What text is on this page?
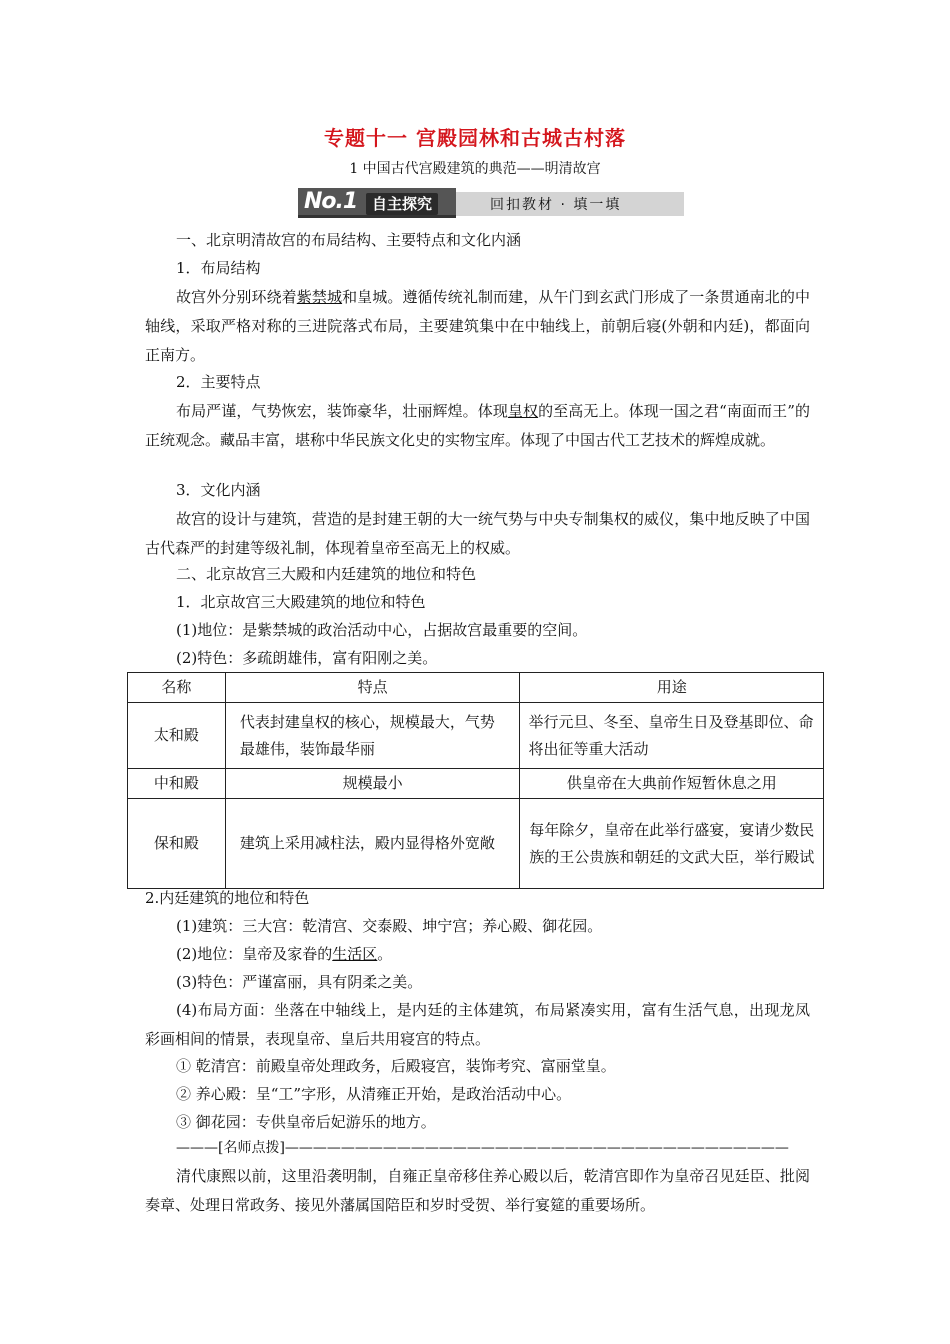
专题十一 宫殿园林和古城古村落
1 中国古代宫殿建筑的典范——明清故宫
No.1 自主探究	回扣教材 · 填一填
一、北京明清故宫的布局结构、主要特点和文化内涵
1．布局结构
故宫外分别环绕着紫禁城和皇城。遵循传统礼制而建，从午门到玄武门形成了一条贯通南北的中轴线，采取严格对称的三进院落式布局，主要建筑集中在中轴线上，前朝后寝(外朝和内廷)，都面向正南方。
2．主要特点
布局严谨，气势恢宏，装饰豪华，壮丽辉煌。体现皇权的至高无上。体现一国之君“南面而王”的正统观念。藏品丰富，堪称中华民族文化史的实物宝库。体现了中国古代工艺技术的辉煌成就。
3．文化内涵
故宫的设计与建筑，营造的是封建王朝的大一统气势与中央专制集权的威仪，集中地反映了中国古代森严的封建等级礼制，体现着皇帝至高无上的权威。
二、北京故宫三大殿和内廷建筑的地位和特色
1．北京故宫三大殿建筑的地位和特色
(1)地位：是紫禁城的政治活动中心，占据故宫最重要的空间。
(2)特色：多疏朗雄伟，富有阳刚之美。
名称	特点	用途
太和殿	代表封建皇权的核心，规模最大，气势最雄伟，装饰最华丽	举行元旦、冬至、皇帝生日及登基即位、命将出征等重大活动
中和殿	规模最小	供皇帝在大典前作短暂休息之用
保和殿	建筑上采用减柱法，殿内显得格外宽敞	每年除夕，皇帝在此举行盛宴，宴请少数民族的王公贵族和朝廷的文武大臣，举行殿试
2.内廷建筑的地位和特色
(1)建筑：三大宫：乾清宫、交泰殿、坤宁宫；养心殿、御花园。
(2)地位：皇帝及家眷的生活区。
(3)特色：严谨富丽，具有阴柔之美。
(4)布局方面：坐落在中轴线上，是内廷的主体建筑，布局紧凑实用，富有生活气息，出现龙凤彩画相间的情景，表现皇帝、皇后共用寝宫的特点。
① 乾清宫：前殿皇帝处理政务，后殿寝宫，装饰考究、富丽堂皇。
② 养心殿：呈“工”字形，从清雍正开始，是政治活动中心。
③ 御花园：专供皇帝后妃游乐的地方。
———[名师点拨]————————————————————————————————————
清代康熙以前，这里沿袭明制，自雍正皇帝移住养心殿以后，乾清宫即作为皇帝召见廷臣、批阅奏章、处理日常政务、接见外藩属国陪臣和岁时受贺、举行宴筵的重要场所。
